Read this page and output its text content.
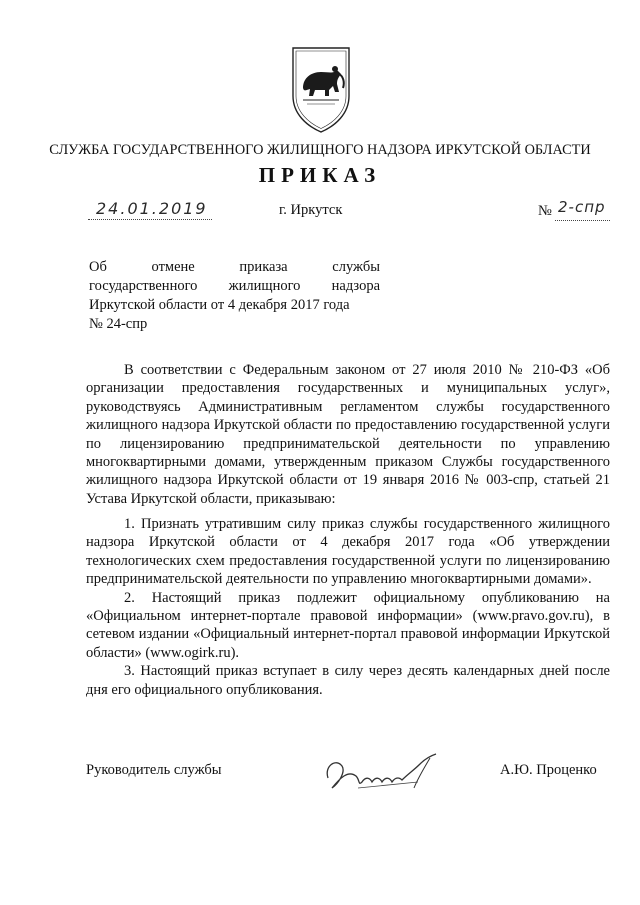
СЛУЖБА ГОСУДАРСТВЕННОГО ЖИЛИЩНОГО НАДЗОРА ИРКУТСКОЙ ОБЛАСТИ
ПРИКАЗ
24.01.2019	г. Иркутск	№ 2-спр
Об отмене приказа службы
государственного жилищного надзора
Иркутской области от 4 декабря 2017 года
№ 24-спр

В соответствии с Федеральным законом от 27 июля 2010 № 210-ФЗ «Об организации предоставления государственных и муниципальных услуг», руководствуясь Административным регламентом службы государственного жилищного надзора Иркутской области по предоставлению государственной услуги по лицензированию предпринимательской деятельности по управлению многоквартирными домами, утвержденным приказом Службы государственного жилищного надзора Иркутской области от 19 января 2016 № 003-спр, статьей 21 Устава Иркутской области, приказываю:

1. Признать утратившим силу приказ службы государственного жилищного надзора Иркутской области от 4 декабря 2017 года «Об утверждении технологических схем предоставления государственной услуги по лицензированию предпринимательской деятельности по управлению многоквартирными домами».

2. Настоящий приказ подлежит официальному опубликованию на «Официальном интернет-портале правовой информации» (www.pravo.gov.ru), в сетевом издании «Официальный интернет-портал правовой информации Иркутской области» (www.ogirk.ru).

3. Настоящий приказ вступает в силу через десять календарных дней после дня его официального опубликования.

Руководитель службы	А.Ю. Проценко
